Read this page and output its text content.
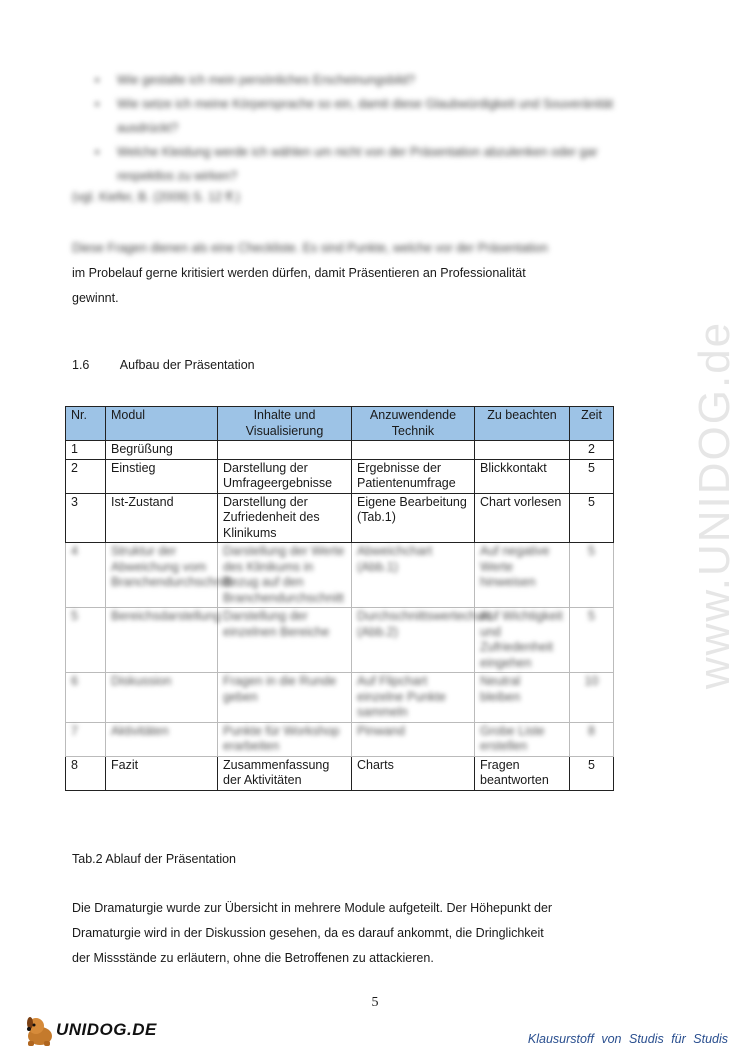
www.UNIDOG.de
▪ Wie gestalte ich mein persönliches Erscheinungsbild?
▪ Wie setze ich meine Körpersprache so ein, damit diese Glaubwürdigkeit und Souveränität ausdrückt?
▪ Welche Kleidung werde ich wählen um nicht von der Präsentation abzulenken oder gar respektlos zu wirken?
(vgl. Kiefer, B. (2009) S. 12 ff.)

Diese Fragen dienen als eine Checkliste. Es sind Punkte, welche vor der Präsentation
im Probelauf gerne kritisiert werden dürfen, damit Präsentieren an Professionalität
gewinnt.

1.6 Aufbau der Präsentation
Nr.	Modul	Inhalte und Visualisierung	Anzuwendende Technik	Zu beachten	Zeit
1	Begrüßung				2
2	Einstieg	Darstellung der Umfrageergebnisse	Ergebnisse der Patientenumfrage	Blickkontakt	5
3	Ist-Zustand	Darstellung der Zufriedenheit des Klinikums	Eigene Bearbeitung (Tab.1)	Chart vorlesen	5
4	Struktur der Abweichung vom Branchendurchschnitt	Darstellung der Werte des Klinikums in Bezug auf den Branchendurchschnitt	Abweichchart (Abb.1)	Auf negative Werte hinweisen	5
5	Bereichsdarstellung	Darstellung der einzelnen Bereiche	Durchschnittswertechart (Abb.2)	Auf Wichtigkeit und Zufriedenheit eingehen	5
6	Diskussion	Fragen in die Runde geben	Auf Flipchart einzelne Punkte sammeln	Neutral bleiben	10
7	Aktivitäten	Punkte für Workshop erarbeiten	Pinwand	Grobe Liste erstellen	8
8	Fazit	Zusammenfassung der Aktivitäten	Charts	Fragen beantworten	5
Tab.2 Ablauf der Präsentation

Die Dramaturgie wurde zur Übersicht in mehrere Module aufgeteilt. Der Höhepunkt der
Dramaturgie wird in der Diskussion gesehen, da es darauf ankommt, die Dringlichkeit
der Missstände zu erläutern, ohne die Betroffenen zu attackieren.

5
UNIDOG.DE	Klausurstoff von Studis für Studis
